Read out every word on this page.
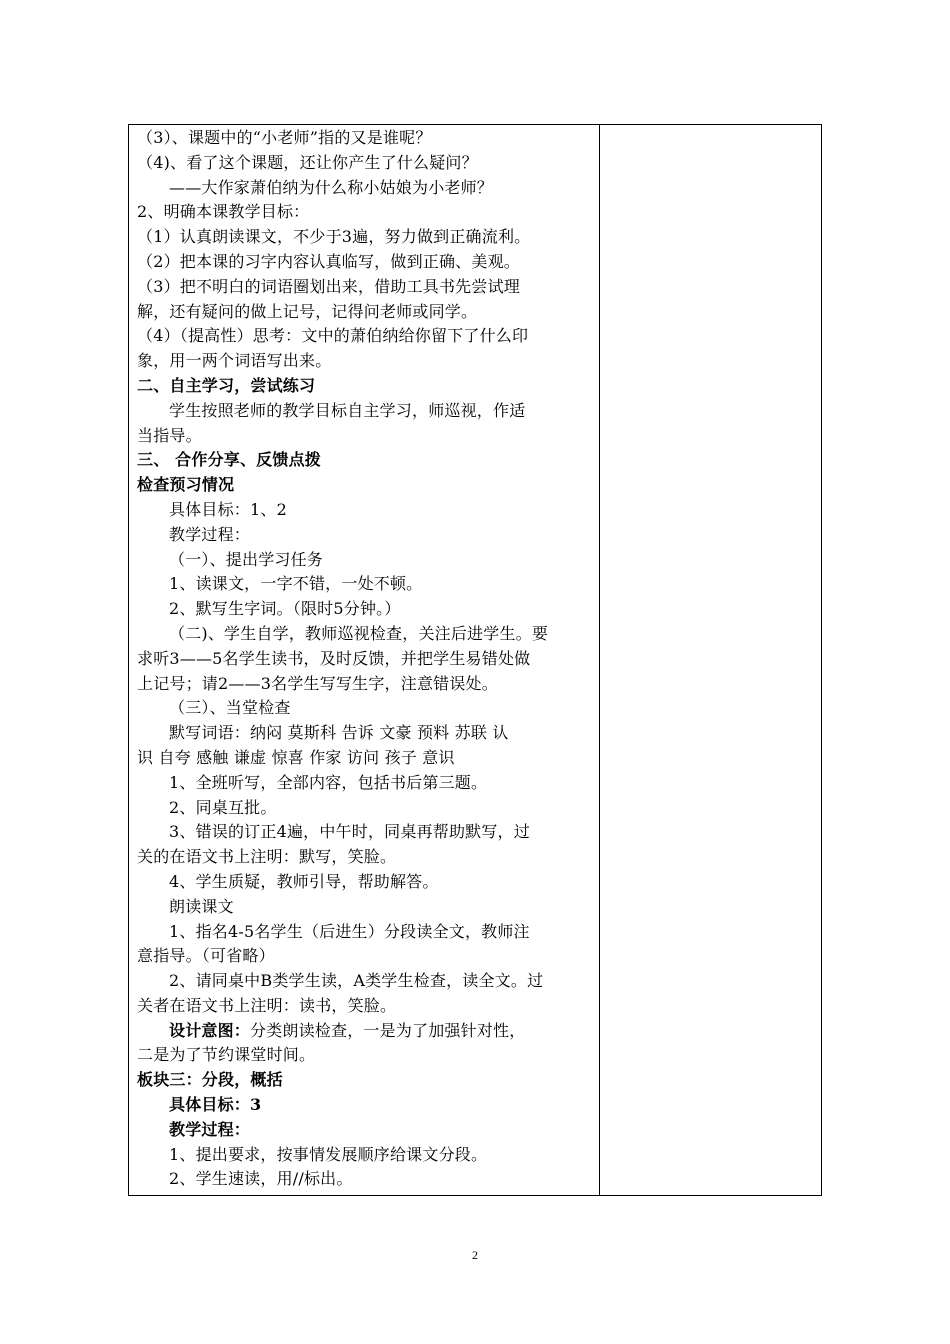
（3）、课题中的“小老师”指的又是谁呢？
（4)、看了这个课题，还让你产生了什么疑问？
——大作家萧伯纳为什么称小姑娘为小老师？
2、明确本课教学目标：
（1）认真朗读课文，不少于3遍，努力做到正确流利。
（2）把本课的习字内容认真临写，做到正确、美观。
（3）把不明白的词语圈划出来，借助工具书先尝试理
解，还有疑问的做上记号，记得问老师或同学。
（4）（提高性）思考：文中的萧伯纳给你留下了什么印
象，用一两个词语写出来。
二、自主学习，尝试练习
学生按照老师的教学目标自主学习，师巡视，作适
当指导。
三、 合作分享、反馈点拨
检查预习情况
具体目标：1、2
教学过程：
（一）、提出学习任务
1、读课文，一字不错，一处不顿。
2、默写生字词。（限时5分钟。）
（二)、学生自学，教师巡视检查，关注后进学生。要
求听3——5名学生读书，及时反馈，并把学生易错处做
上记号；请2——3名学生写写生字，注意错误处。
（三）、当堂检查
默写词语：纳闷 莫斯科 告诉 文豪 预料 苏联 认
识 自夸 感触 谦虚 惊喜 作家 访问 孩子 意识
1、全班听写，全部内容，包括书后第三题。
2、同桌互批。
3、错误的订正4遍，中午时，同桌再帮助默写，过
关的在语文书上注明：默写，笑脸。
4、学生质疑，教师引导，帮助解答。
朗读课文
1、指名4-5名学生（后进生）分段读全文，教师注
意指导。（可省略）
2、请同桌中B类学生读，A类学生检查，读全文。过
关者在语文书上注明：读书，笑脸。
设计意图：分类朗读检查，一是为了加强针对性，
二是为了节约课堂时间。
板块三：分段，概括
具体目标：3
教学过程：
1、提出要求，按事情发展顺序给课文分段。
2、学生速读，用//标出。
2
